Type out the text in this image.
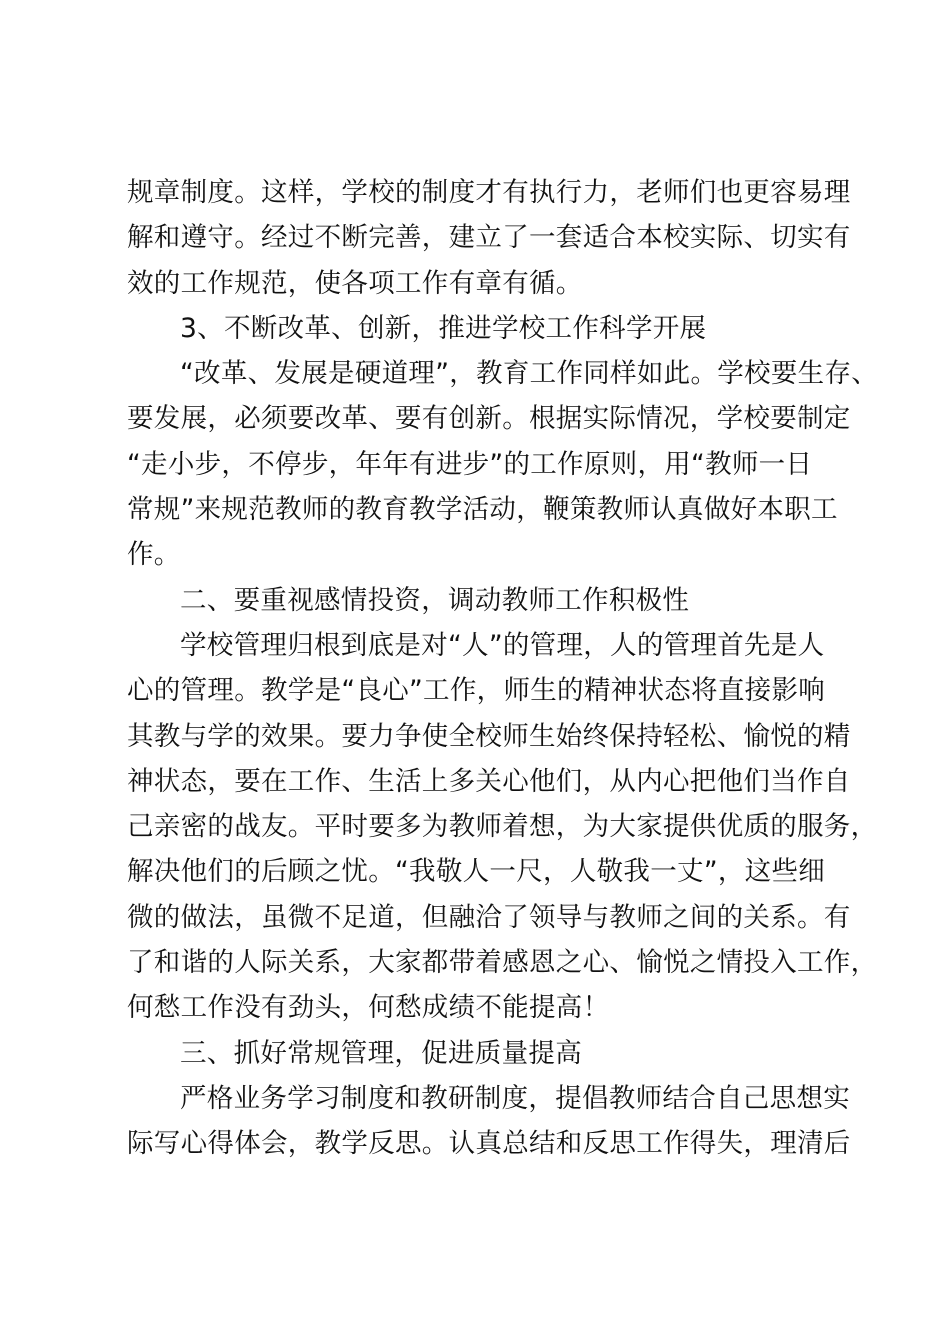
规章制度。这样，学校的制度才有执行力，老师们也更容易理
解和遵守。经过不断完善，建立了一套适合本校实际、切实有
效的工作规范，使各项工作有章有循。
3、不断改革、创新，推进学校工作科学开展
“改革、发展是硬道理”，教育工作同样如此。学校要生存、
要发展，必须要改革、要有创新。根据实际情况，学校要制定
“走小步，不停步，年年有进步”的工作原则，用“教师一日
常规”来规范教师的教育教学活动，鞭策教师认真做好本职工
作。
二、要重视感情投资，调动教师工作积极性
学校管理归根到底是对“人”的管理，人的管理首先是人
心的管理。教学是“良心”工作，师生的精神状态将直接影响
其教与学的效果。要力争使全校师生始终保持轻松、愉悦的精
神状态，要在工作、生活上多关心他们，从内心把他们当作自
己亲密的战友。平时要多为教师着想，为大家提供优质的服务，
解决他们的后顾之忧。“我敬人一尺，人敬我一丈”，这些细
微的做法，虽微不足道，但融洽了领导与教师之间的关系。有
了和谐的人际关系，大家都带着感恩之心、愉悦之情投入工作，
何愁工作没有劲头，何愁成绩不能提高！
三、抓好常规管理，促进质量提高
严格业务学习制度和教研制度，提倡教师结合自己思想实
际写心得体会，教学反思。认真总结和反思工作得失，理清后
